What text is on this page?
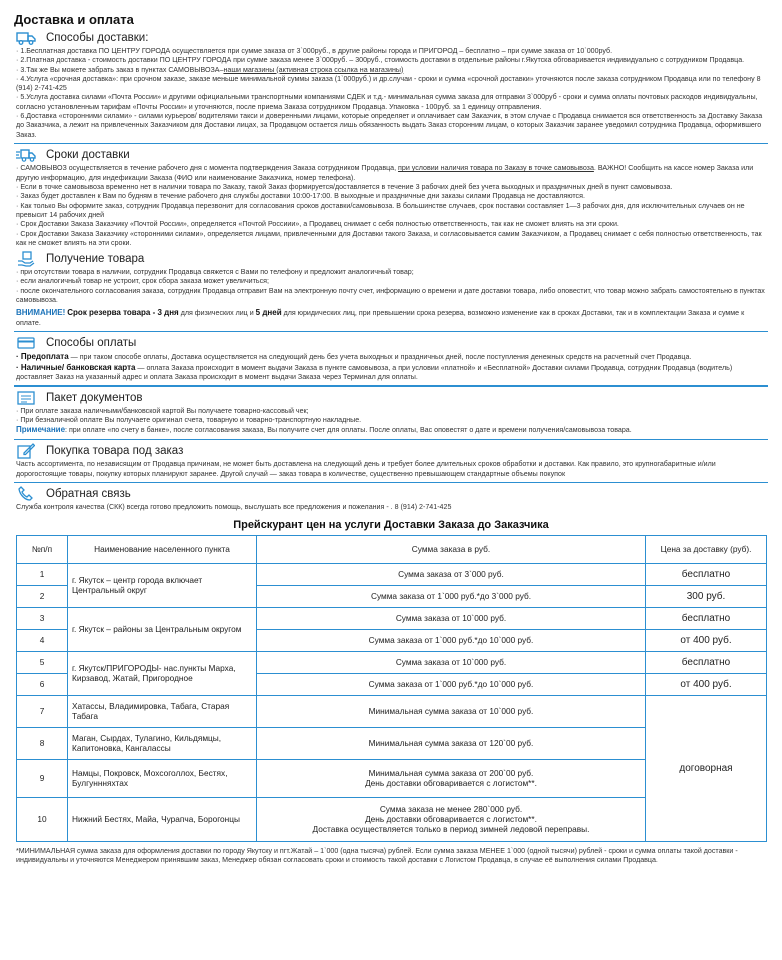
Доставка и оплата
Способы доставки:

· 1.Бесплатная доставка ПО ЦЕНТРУ ГОРОДА осуществляется при сумме заказа от 3`000руб., в другие районы города и ПРИГОРОД – бесплатно – при сумме заказа от 10`000руб.

· 2.Платная доставка - стоимость доставки ПО ЦЕНТРУ ГОРОДА при сумме заказа менее 3`000руб. – 300руб., стоимость доставки в отдельные районы г.Якутска обговаривается индивидуально с сотрудником Продавца.

· 3.Так же Вы можете забрать заказ в пунктах САМОВЫВОЗА–наши магазины (активная строка ссылка на магазины)

· 4.Услуга «срочная доставка»: при срочном заказе, заказе меньше минимальной суммы заказа (1`000руб.) и др.случаи - сроки и сумма «срочной доставки» уточняются после заказа сотрудником Продавца или по телефону 8 (914) 2-741-425

· 5.Услуга доставка силами «Почта России» и другими официальными транспортными компаниями СДЕК и т.д.- минимальная сумма заказа для отправки 3`000руб - сроки и сумма оплаты почтовых расходов индивидуальны, согласно установленным тарифам «Почты России» и уточняются, после приема Заказа сотрудником Продавца. Упаковка - 100руб. за 1 единицу отправления.

· 6.Доставка «сторонними силами» - силами курьеров/ водителями такси и доверенными лицами, которые определяет и оплачивает сам Заказчик, в этом случае с Продавца снимается вся ответственность за Доставку Заказа до Заказчика, а лежит на привлеченных Заказчиком для Доставки лицах, за Продавцом остается лишь обязанность выдать Заказ сторонним лицам, о которых Заказчик заранее уведомил сотрудника Продавца, оформившего Заказ.

Сроки доставки

· САМОВЫВОЗ осуществляется в течение рабочего дня с момента подтверждения Заказа сотрудником Продавца, при условии наличия товара по Заказу в точке самовывоза. ВАЖНО! Сообщить на кассе номер Заказа или другую информацию, для индефикации Заказа (ФИО или наименование Заказчика, номер телефона).

· Если в точке самовывоза временно нет в наличии товара по Заказу, такой Заказ формируется/доставляется в течение 3 рабочих дней без учета выходных и праздничных дней в пункт самовывоза.

· Заказ будет доставлен к Вам по будням в течение рабочего дня службы доставки 10:00-17:00. В выходные и праздничные дни заказы силами Продавца не доставляются.

· Как только Вы оформите заказ, сотрудник Продавца перезвонит для согласования сроков доставки/самовывоза. В большинстве случаев, срок поставки составляет 1—3 рабочих дня, для исключительных случаев он не превысит 14 рабочих дней

· Срок Доставки Заказа Заказчику «Почтой России», определяется «Почтой Россиии», а Продавец снимает с себя полностью ответственность, так как не сможет влиять на эти сроки.

· Срок Доставки Заказа Заказчику «сторонними силами», определяется лицами, привлеченными для Доставки такого Заказа, и согласовывается самим Заказчиком, а Продавец снимает с себя полностью ответственность, так как не сможет влиять на эти сроки.

Получение товара

· при отсутствии товара в наличии, сотрудник Продавца свяжется с Вами по телефону и предложит аналогичный товар;

· если аналогичный товар не устроит, срок сбора заказа может увеличиться;

· после окончательного согласования заказа, сотрудник Продавца отправит Вам на электронную почту счет, информацию о времени и дате доставки товара, либо оповестит, что товар можно забрать самостоятельно в пунктах самовывоза.

ВНИМАНИЕ! Срок резерва товара - 3 дня для физических лиц и 5 дней для юридических лиц, при превышении срока резерва, возможно изменение как в сроках Доставки, так и в комплектации Заказа и сумме к оплате.

Способы оплаты

· Предоплата — при таком способе оплаты, Доставка осуществляется на следующий день без учета выходных и праздничных дней, после поступления денежных средств на расчетный счет Продавца.

· Наличные/ банковская карта — оплата Заказа происходит в момент выдачи Заказа в пункте самовывоза, а при условии «платной» и «Бесплатной» Доставки силами Продавца, сотрудник Продавца (водитель) доставляет Заказ на указанный адрес и оплата Заказа происходит в момент выдачи Заказа через Терминал для оплаты.

Пакет документов

· При оплате заказа наличными/банковской картой Вы получаете товарно-кассовый чек;

· При безналичной оплате Вы получаете оригинал счета, товарную и товарно-транспортную накладные.

Примечание: при оплате «по счету в банке», после согласования заказа, Вы получите счет для оплаты. После оплаты, Вас оповестят о дате и времени получения/самовывоза товара.

Покупка товара под заказ

Часть ассортимента, по независящим от Продавца причинам, не может быть доставлена на следующий день и требует более длительных сроков обработки и доставки. Как правило, это крупногабаритные и/или дорогостоящие товары, покупку которых планируют заранее. Другой случай — заказ товара в количестве, существенно превышающем стандартные объемы покупок

Обратная связь

Служба контроля качества (СКК) всегда готово предложить помощь, выслушать все предложения и пожелания - . 8 (914) 2-741-425

Прейскурант цен на услуги Доставки Заказа до Заказчика
№п/п	Наименование населенного пункта	Сумма заказа в руб.	Цена за доставку (руб).
1	г. Якутск – центр города включает Центральный округ	Сумма заказа от 3`000 руб.	бесплатно
2		Сумма заказа от 1`000 руб.*до 3`000 руб.	300 руб.
3	г. Якутск – районы за Центральным округом	Сумма заказа от 10`000 руб.	бесплатно
4		Сумма заказа от 1`000 руб.*до 10`000 руб.	от 400 руб.
5	г. Якутск/ПРИГОРОДЫ- нас.пункты Марха, Кирзавод, Жатай, Пригородное	Сумма заказа от 10`000 руб.	бесплатно
6		Сумма заказа от 1`000 руб.*до 10`000 руб.	от 400 руб.
7	Хатассы, Владимировка, Табага, Старая Табага	Минимальная сумма заказа от 10`000 руб.	договорная
8	Маган, Сырдах, Тулагино, Кильдямцы, Капитоновка, Кангалассы	Минимальная сумма заказа от 120`00 руб.	
9	Намцы, Покровск, Мохсоголлох, Бестях, Булгуннняхтах	Минимальная сумма заказа от 200`00 руб.
День доставки обговаривается с логистом**.	

10	Нижний Бестях, Майа, Чурапча, Борогонцы	Сумма заказа не менее 280`000 руб.
День доставки обговаривается с логистом**.
Доставка осуществляется только в период зимней ледовой переправы.	
*МИНИМАЛЬНАЯ сумма заказа для оформления доставки по городу Якутску и пгт.Жатай – 1`000 (одна тысяча) рублей. Если сумма заказа МЕНЕЕ 1`000 (одной тысячи) рублей - сроки и сумма оплаты такой доставки - индивидуальны и уточняются Менеджером принявшим заказ, Менеджер обязан согласовать сроки и стоимость такой доставки с Логистом Продавца, в случае её выполнения силами Продавца.
